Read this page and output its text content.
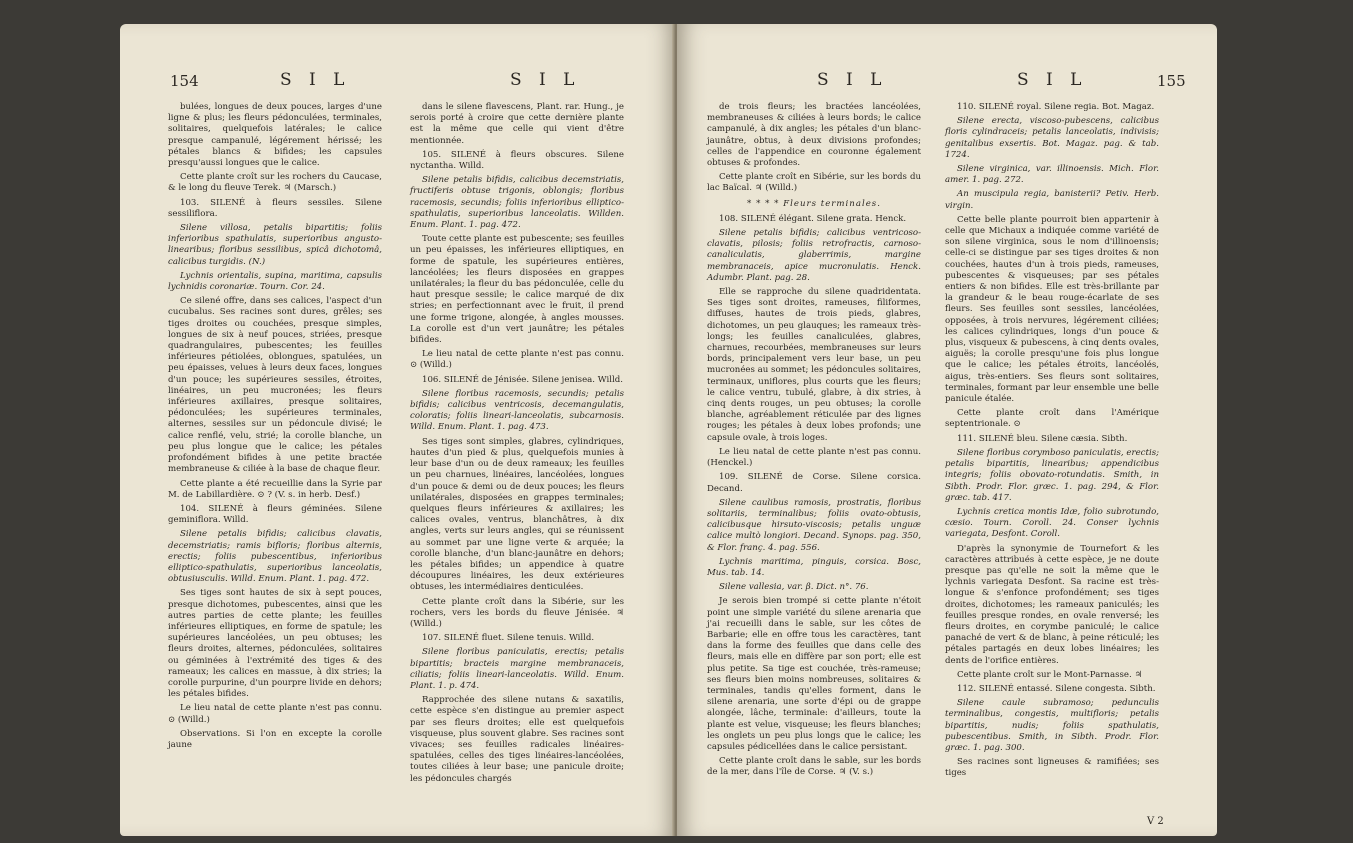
154	S I L	S I L

bulées, longues de deux pouces, larges d'une ligne & plus; les fleurs pédonculées, terminales, solitaires, quelquefois latérales; le calice presque campanulé, légérement hérissé; les pétales blancs & bifides; les capsules presqu'aussi longues que le calice.

Cette plante croît sur les rochers du Caucase, & le long du fleuve Terek. ♃ (Marsch.)

103. SILENÉ à fleurs sessiles. Silene sessiliflora.

Silene villosa, petalis bipartitis; foliis inferioribus spathulatis, superioribus angusto-linearibus; floribus sessilibus, spicâ dichotomâ, calicibus turgidis. (N.)

Lychnis orientalis, supina, maritima, capsulis lychnidis coronariæ. Tourn. Cor. 24.

Ce silené offre, dans ses calices, l'aspect d'un cucubalus. Ses racines sont dures, grêles; ses tiges droites ou couchées, presque simples, longues de six à neuf pouces, striées, presque quadrangulaires, pubescentes; les feuilles inférieures pétiolées, oblongues, spatulées, un peu épaisses, velues à leurs deux faces, longues d'un pouce; les supérieures sessiles, étroites, linéaires, un peu mucronées; les fleurs inférieures axillaires, presque solitaires, pédonculées; les supérieures terminales, alternes, sessiles sur un pédoncule divisé; le calice renflé, velu, strié; la corolle blanche, un peu plus longue que le calice; les pétales profondément bifides à une petite bractée membraneuse & ciliée à la base de chaque fleur.

Cette plante a été recueillie dans la Syrie par M. de Labillardière. ⊙ ? (V. s. in herb. Desf.)

104. SILENÉ à fleurs géminées. Silene geminiflora. Willd.

Silene petalis bifidis; calicibus clavatis, decemstriatis; ramis bifloris; floribus alternis, erectis; foliis pubescentibus, inferioribus elliptico-spathulatis, superioribus lanceolatis, obtusiusculis. Willd. Enum. Plant. 1. pag. 472.

Ses tiges sont hautes de six à sept pouces, presque dichotomes, pubescentes, ainsi que les autres parties de cette plante; les feuilles inférieures elliptiques, en forme de spatule; les supérieures lancéolées, un peu obtuses; les fleurs droites, alternes, pédonculées, solitaires ou géminées à l'extrémité des tiges & des rameaux; les calices en massue, à dix stries; la corolle purpurine, d'un pourpre livide en dehors; les pétales bifides.

Le lieu natal de cette plante n'est pas connu. ⊙ (Willd.)

Observations. Si l'on en excepte la corolle jaune

dans le silene flavescens, Plant. rar. Hung., je serois porté à croire que cette dernière plante est la même que celle qui vient d'être mentionnée.

105. SILENÉ à fleurs obscures. Silene nyctantha. Willd.

Silene petalis bifidis, calicibus decemstriatis, fructiferis obtuse trigonis, oblongis; floribus racemosis, secundis; foliis inferioribus elliptico-spathulatis, superioribus lanceolatis. Willden. Enum. Plant. 1. pag. 472.

Toute cette plante est pubescente; ses feuilles un peu épaisses, les inférieures elliptiques, en forme de spatule, les supérieures entières, lancéolées; les fleurs disposées en grappes unilatérales; la fleur du bas pédonculée, celle du haut presque sessile; le calice marqué de dix stries; en perfectionnant avec le fruit, il prend une forme trigone, alongée, à angles mousses. La corolle est d'un vert jaunâtre; les pétales bifides.

Le lieu natal de cette plante n'est pas connu. ⊙ (Willd.)

106. SILENÉ de Jénisée. Silene jenisea. Willd.

Silene floribus racemosis, secundis; petalis bifidis; calicibus ventricosis, decemangulatis, coloratis; foliis lineari-lanceolatis, subcarnosis. Willd. Enum. Plant. 1. pag. 473.

Ses tiges sont simples, glabres, cylindriques, hautes d'un pied & plus, quelquefois munies à leur base d'un ou de deux rameaux; les feuilles un peu charnues, linéaires, lancéolées, longues d'un pouce & demi ou de deux pouces; les fleurs unilatérales, disposées en grappes terminales; quelques fleurs inférieures & axillaires; les calices ovales, ventrus, blanchâtres, à dix angles, verts sur leurs angles, qui se réunissent au sommet par une ligne verte & arquée; la corolle blanche, d'un blanc-jaunâtre en dehors; les pétales bifides; un appendice à quatre découpures linéaires, les deux extérieures obtuses, les intermédiaires denticulées.

Cette plante croît dans la Sibérie, sur les rochers, vers les bords du fleuve Jénisée. ♃ (Willd.)

107. SILENÉ fluet. Silene tenuis. Willd.

Silene floribus paniculatis, erectis; petalis bipartitis; bracteis margine membranaceis, ciliatis; foliis lineari-lanceolatis. Willd. Enum. Plant. 1. p. 474.

Rapprochée des silene nutans & saxatilis, cette espèce s'en distingue au premier aspect par ses fleurs droites; elle est quelquefois visqueuse, plus souvent glabre. Ses racines sont vivaces; ses feuilles radicales linéaires-spatulées, celles des tiges linéaires-lancéolées, toutes ciliées à leur base; une panicule droite; les pédoncules chargés

S I L	S I L	155

de trois fleurs; les bractées lancéolées, membraneuses & ciliées à leurs bords; le calice campanulé, à dix angles; les pétales d'un blanc-jaunâtre, obtus, à deux divisions profondes; celles de l'appendice en couronne également obtuses & profondes.

Cette plante croît en Sibérie, sur les bords du lac Baïcal. ♃ (Willd.)

* * * * Fleurs terminales.

108. SILENÉ élégant. Silene grata. Henck.

Silene petalis bifidis; calicibus ventricoso-clavatis, pilosis; foliis retrofractis, carnoso-canaliculatis, glaberrimis, margine membranaceis, apice mucronulatis. Henck. Adumbr. Plant. pag. 28.

Elle se rapproche du silene quadridentata. Ses tiges sont droites, rameuses, filiformes, diffuses, hautes de trois pieds, glabres, dichotomes, un peu glauques; les rameaux très-longs; les feuilles canaliculées, glabres, charnues, recourbées, membraneuses sur leurs bords, principalement vers leur base, un peu mucronées au sommet; les pédoncules solitaires, terminaux, uniflores, plus courts que les fleurs; le calice ventru, tubulé, glabre, à dix stries, à cinq dents rouges, un peu obtuses; la corolle blanche, agréablement réticulée par des lignes rouges; les pétales à deux lobes profonds; une capsule ovale, à trois loges.

Le lieu natal de cette plante n'est pas connu. (Henckel.)

109. SILENÉ de Corse. Silene corsica. Decand.

Silene caulibus ramosis, prostratis, floribus solitariis, terminalibus; foliis ovato-obtusis, calicibusque hirsuto-viscosis; petalis unguæ calice multò longiori. Decand. Synops. pag. 350, & Flor. franç. 4. pag. 556.

Lychnis maritima, pinguis, corsica. Bosc, Mus. tab. 14.

Silene vallesia, var. β. Dict. n°. 76.

Je serois bien trompé si cette plante n'étoit point une simple variété du silene arenaria que j'ai recueilli dans le sable, sur les côtes de Barbarie; elle en offre tous les caractères, tant dans la forme des feuilles que dans celle des fleurs, mais elle en diffère par son port; elle est plus petite. Sa tige est couchée, très-rameuse; ses fleurs bien moins nombreuses, solitaires & terminales, tandis qu'elles forment, dans le silene arenaria, une sorte d'épi ou de grappe alongée, lâche, terminale: d'ailleurs, toute la plante est velue, visqueuse; les fleurs blanches; les onglets un peu plus longs que le calice; les capsules pédicellées dans le calice persistant.

Cette plante croît dans le sable, sur les bords de la mer, dans l'île de Corse. ♃ (V. s.)

110. SILENÉ royal. Silene regia. Bot. Magaz.

Silene erecta, viscoso-pubescens, calicibus floris cylindraceis; petalis lanceolatis, indivisis; genitalibus exsertis. Bot. Magaz. pag. & tab. 1724.

Silene virginica, var. illinoensis. Mich. Flor. amer. 1. pag. 272.

An muscipula regia, banisterii? Petiv. Herb. virgin.

Cette belle plante pourroit bien appartenir à celle que Michaux a indiquée comme variété de son silene virginica, sous le nom d'illinoensis; celle-ci se distingue par ses tiges droites & non couchées, hautes d'un à trois pieds, rameuses, pubescentes & visqueuses; par ses pétales entiers & non bifides. Elle est très-brillante par la grandeur & le beau rouge-écarlate de ses fleurs. Ses feuilles sont sessiles, lancéolées, opposées, à trois nervures, légérement ciliées; les calices cylindriques, longs d'un pouce & plus, visqueux & pubescens, à cinq dents ovales, aiguës; la corolle presqu'une fois plus longue que le calice; les pétales étroits, lancéolés, aigus, très-entiers. Ses fleurs sont solitaires, terminales, formant par leur ensemble une belle panicule étalée.

Cette plante croît dans l'Amérique septentrionale. ⊙

111. SILENÉ bleu. Silene cæsia. Sibth.

Silene floribus corymboso paniculatis, erectis; petalis bipartitis, linearibus; appendicibus integris; foliis obovato-rotundatis. Smith, in Sibth. Prodr. Flor. græc. 1. pag. 294, & Flor. græc. tab. 417.

Lychnis cretica montis Idæ, folio subrotundo, cæsio. Tourn. Coroll. 24. Conser lychnis variegata, Desfont. Coroll.

D'après la synonymie de Tournefort & les caractères attribués à cette espèce, je ne doute presque pas qu'elle ne soit la même que le lychnis variegata Desfont. Sa racine est très-longue & s'enfonce profondément; ses tiges droites, dichotomes; les rameaux paniculés; les feuilles presque rondes, en ovale renversé; les fleurs droites, en corymbe paniculé; le calice panaché de vert & de blanc, à peine réticulé; les pétales partagés en deux lobes linéaires; les dents de l'orifice entières.

Cette plante croît sur le Mont-Parnasse. ♃

112. SILENÉ entassé. Silene congesta. Sibth.

Silene caule subramoso; pedunculis terminalibus, congestis, multifloris; petalis bipartitis, nudis; foliis spathulatis, pubescentibus. Smith, in Sibth. Prodr. Flor. græc. 1. pag. 300.

Ses racines sont ligneuses & ramifiées; ses tiges

V 2
